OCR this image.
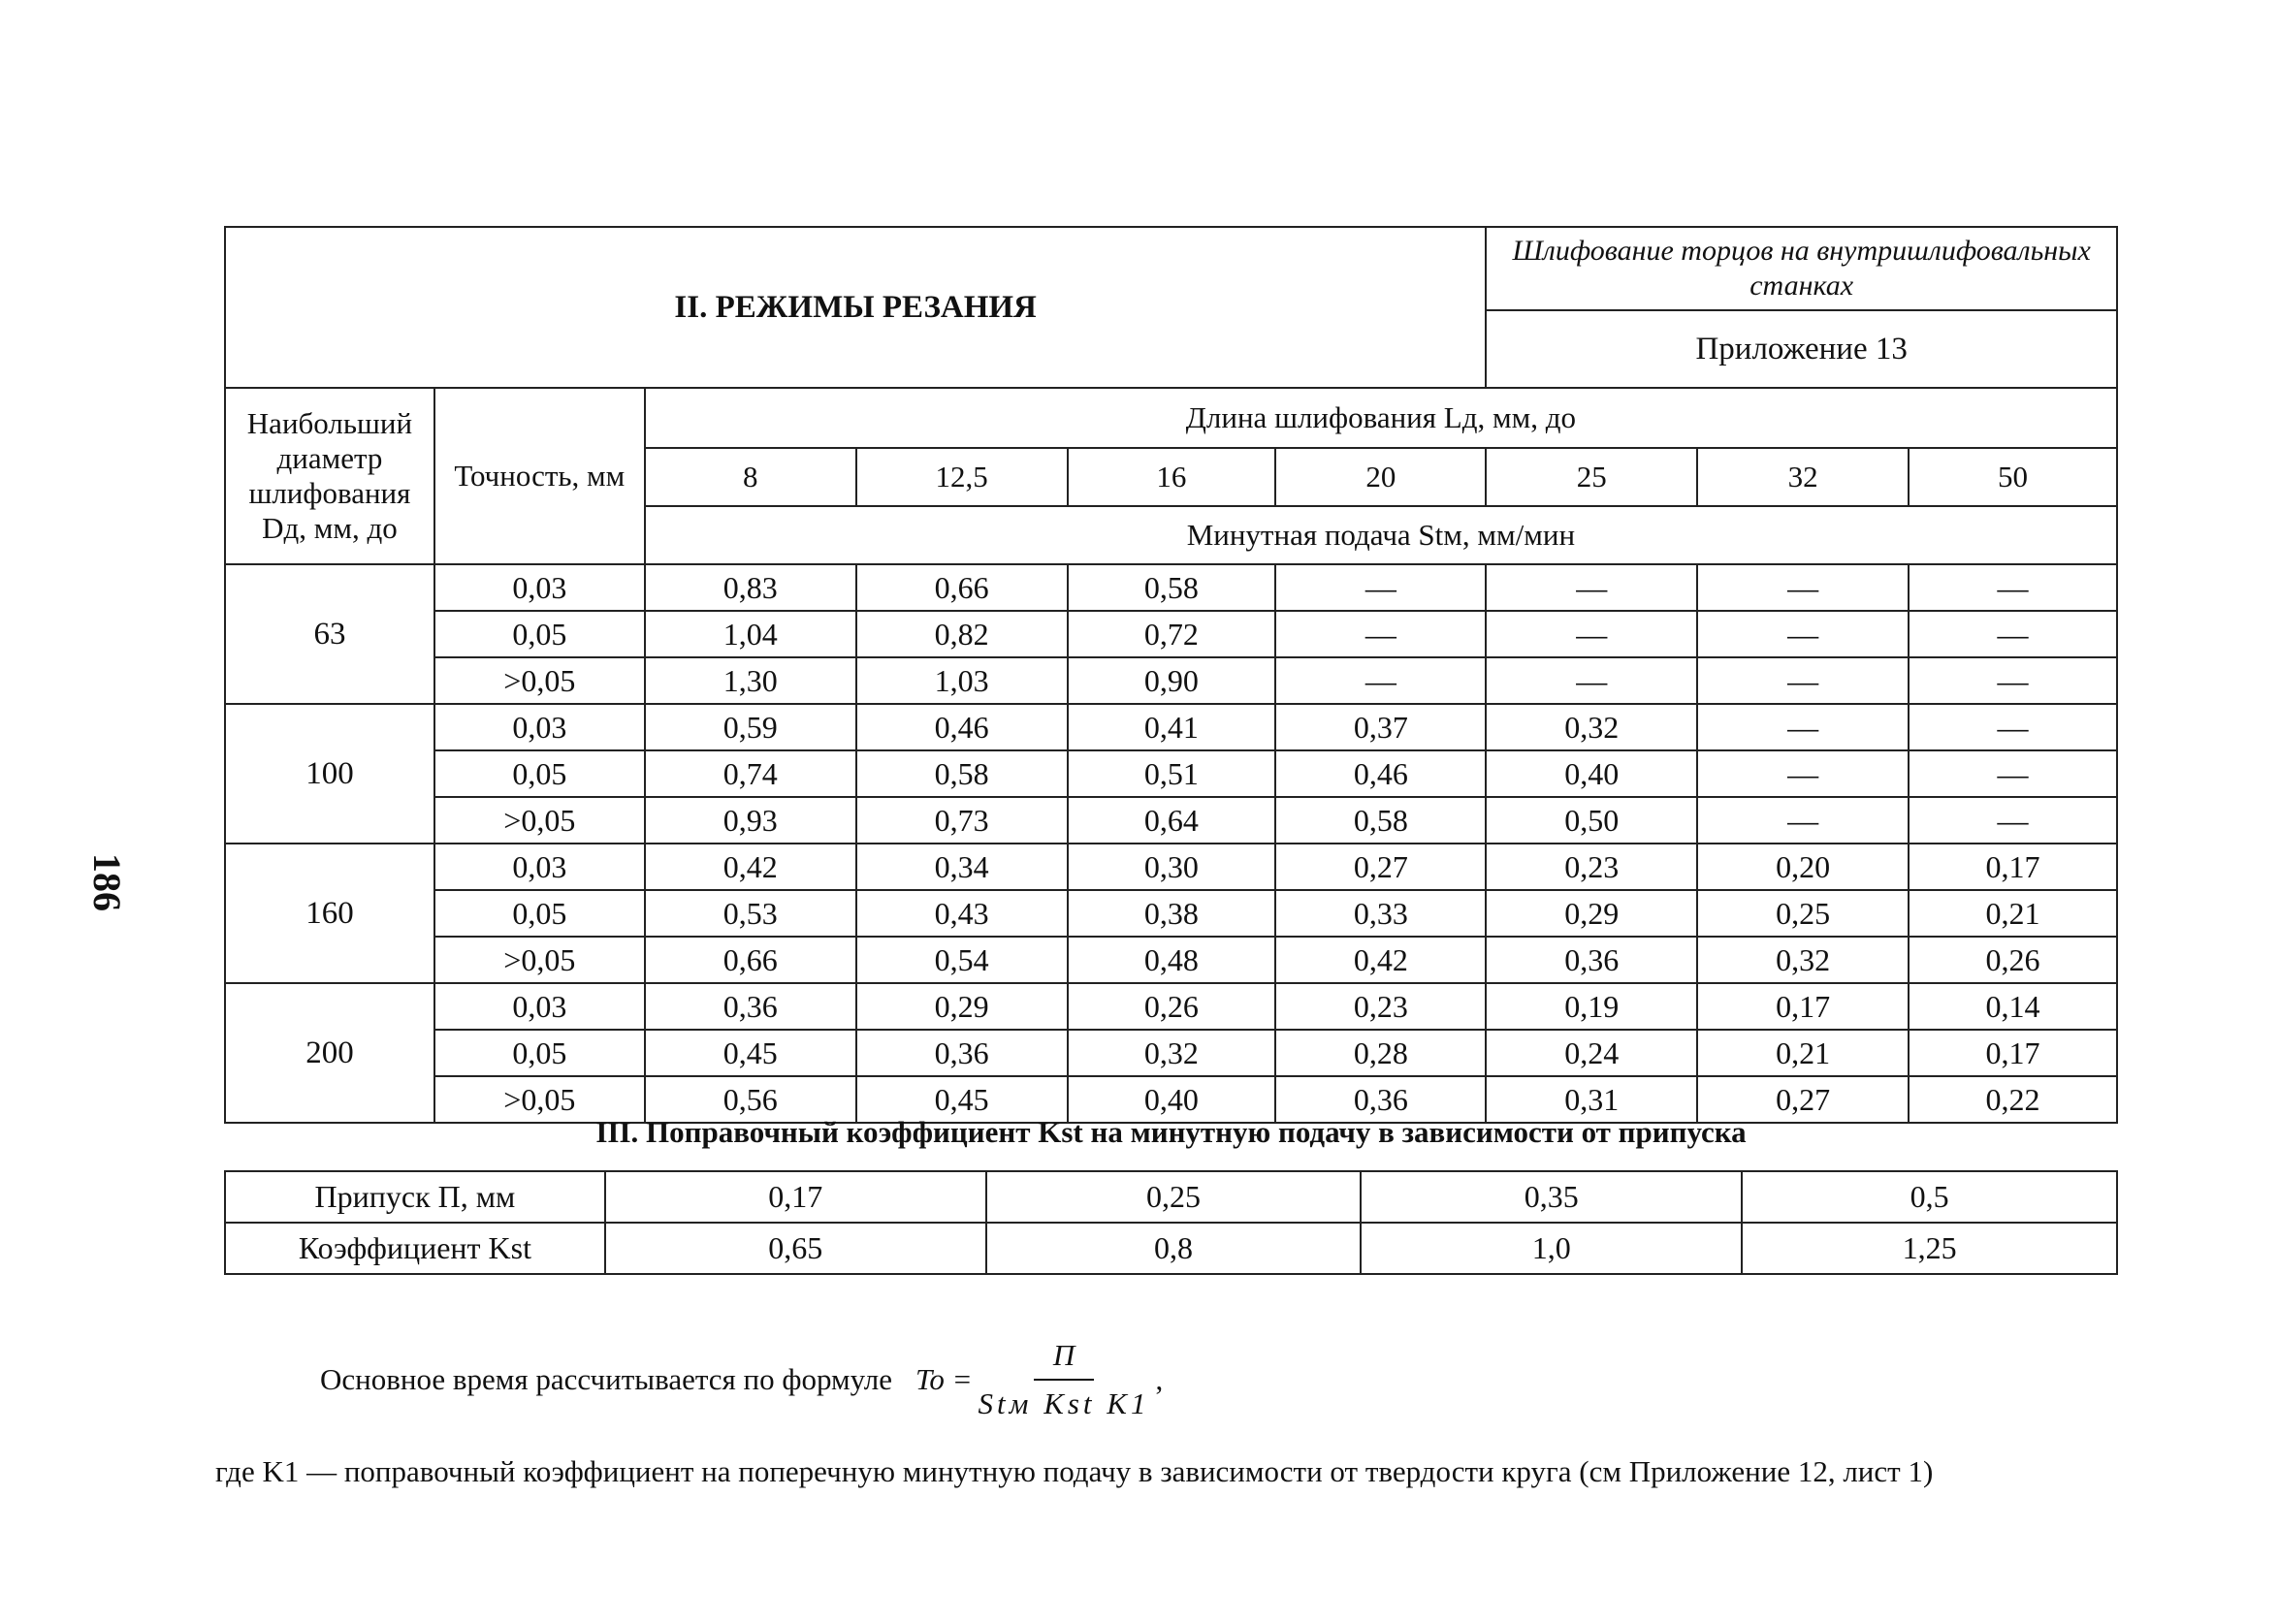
186
II. РЕЖИМЫ РЕЗАНИЯ						Шлифование торцов на внутришлифовальных станках		
						Приложение 13		
Наибольший диаметр шлифования Dд, мм, до	Точность, мм	Длина шлифования Lд, мм, до						
		8	12,5	16	20	25	32	50
		Минутная подача Stм, мм/мин						
63	0,03	0,83	0,66	0,58	—	—	—	—
	0,05	1,04	0,82	0,72	—	—	—	—
	>0,05	1,30	1,03	0,90	—	—	—	—
100	0,03	0,59	0,46	0,41	0,37	0,32	—	—
	0,05	0,74	0,58	0,51	0,46	0,40	—	—
	>0,05	0,93	0,73	0,64	0,58	0,50	—	—
160	0,03	0,42	0,34	0,30	0,27	0,23	0,20	0,17
	0,05	0,53	0,43	0,38	0,33	0,29	0,25	0,21
	>0,05	0,66	0,54	0,48	0,42	0,36	0,32	0,26
200	0,03	0,36	0,29	0,26	0,23	0,19	0,17	0,14
	0,05	0,45	0,36	0,32	0,28	0,24	0,21	0,17
	>0,05	0,56	0,45	0,40	0,36	0,31	0,27	0,22
III. Поправочный коэффициент Kst на минутную подачу в зависимости от припуска
Припуск П, мм	0,17	0,25	0,35	0,5
Коэффициент Kst	0,65	0,8	1,0	1,25
Основное время рассчитывается по формуле $To = \frac{П}{\text{Stм Kst K1}}$ ,
где K1 — поправочный коэффициент на поперечную минутную подачу в зависимости от твердости круга (см Приложение 12, лист 1)
